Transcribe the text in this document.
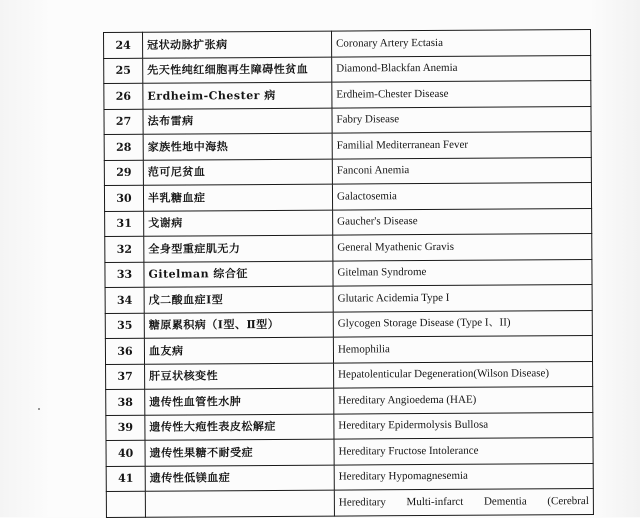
24	冠状动脉扩张病	Coronary Artery Ectasia
25	先天性纯红细胞再生障碍性贫血	Diamond-Blackfan Anemia
26	Erdheim-Chester 病	Erdheim-Chester Disease
27	法布雷病	Fabry Disease
28	家族性地中海热	Familial Mediterranean Fever
29	范可尼贫血	Fanconi Anemia
30	半乳糖血症	Galactosemia
31	戈谢病	Gaucher's Disease
32	全身型重症肌无力	General Myathenic Gravis
33	Gitelman 综合征	Gitelman Syndrome
34	戊二酸血症Ⅰ型	Glutaric Acidemia Type I
35	糖原累积病（Ⅰ型、Ⅱ型）	Glycogen Storage Disease (Type I、II)
36	血友病	Hemophilia
37	肝豆状核变性	Hepatolenticular Degeneration(Wilson Disease)
38	遗传性血管性水肿	Hereditary Angioedema (HAE)
39	遗传性大疱性表皮松解症	Hereditary Epidermolysis Bullosa
40	遗传性果糖不耐受症	Hereditary Fructose Intolerance
41	遗传性低镁血症	Hereditary Hypomagnesemia

		Hereditary Multi-infarct Dementia (Cerebral
